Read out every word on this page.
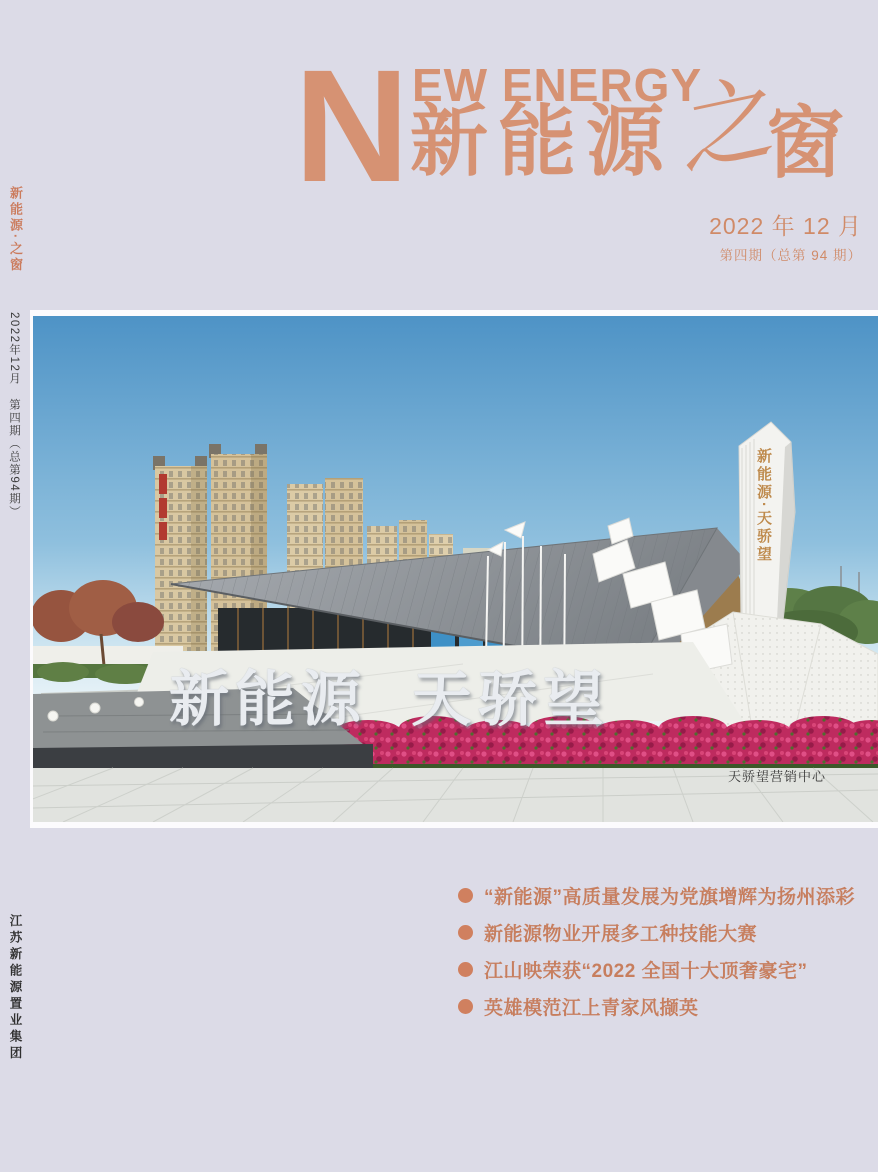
新能源·之窗
2022年12月　第四期（总第94期）
江苏新能源置业集团
N EW ENERGY
新能源
之
窗
2022 年 12 月
第四期（总第 94 期）
新能源 天骄望
新能源·天骄望
天骄望营销中心
“新能源”高质量发展为党旗增辉为扬州添彩
新能源物业开展多工种技能大赛
江山映荣获“2022 全国十大顶奢豪宅”
英雄模范江上青家风撷英
